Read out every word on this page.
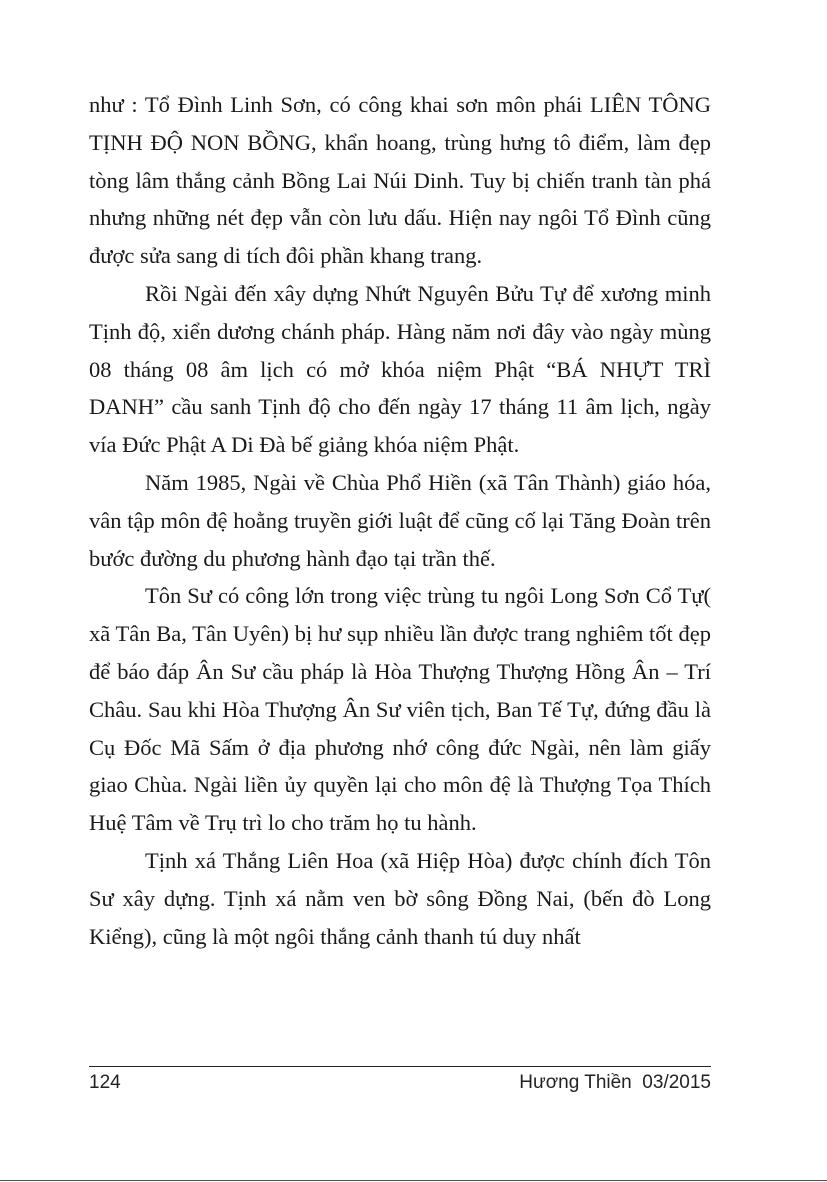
như : Tổ Đình Linh Sơn, có công khai sơn môn phái LIÊN TÔNG TỊNH ĐỘ NON BỒNG, khẩn hoang, trùng hưng tô điểm, làm đẹp tòng lâm thắng cảnh Bồng Lai Núi Dinh. Tuy bị chiến tranh tàn phá nhưng những nét đẹp vẫn còn lưu dấu. Hiện nay ngôi Tổ Đình cũng được sửa sang di tích đôi phần khang trang.

Rồi Ngài đến xây dựng Nhứt Nguyên Bửu Tự để xương minh Tịnh độ, xiển dương chánh pháp. Hàng năm nơi đây vào ngày mùng 08 tháng 08 âm lịch có mở khóa niệm Phật “BÁ NHỰT TRÌ DANH” cầu sanh Tịnh độ cho đến ngày 17 tháng 11 âm lịch, ngày vía Đức Phật A Di Đà bế giảng khóa niệm Phật.

Năm 1985, Ngài về Chùa Phổ Hiền (xã Tân Thành) giáo hóa, vân tập môn đệ hoằng truyền giới luật để cũng cố lại Tăng Đoàn trên bước đường du phương hành đạo tại trần thế.

Tôn Sư có công lớn trong việc trùng tu ngôi Long Sơn Cổ Tự( xã Tân Ba, Tân Uyên) bị hư sụp nhiều lần được trang nghiêm tốt đẹp để báo đáp Ân Sư cầu pháp là Hòa Thượng Thượng Hồng Ân – Trí Châu. Sau khi Hòa Thượng Ân Sư viên tịch, Ban Tế Tự, đứng đầu là Cụ Đốc Mã Sấm ở địa phương nhớ công đức Ngài, nên làm giấy giao Chùa. Ngài liền ủy quyền lại cho môn đệ là Thượng Tọa Thích Huệ Tâm về Trụ trì lo cho trăm họ tu hành.

Tịnh xá Thắng Liên Hoa (xã Hiệp Hòa) được chính đích Tôn Sư xây dựng. Tịnh xá nằm ven bờ sông Đồng Nai, (bến đò Long Kiểng), cũng là một ngôi thắng cảnh thanh tú duy nhất

124	Hương Thiền  03/2015
